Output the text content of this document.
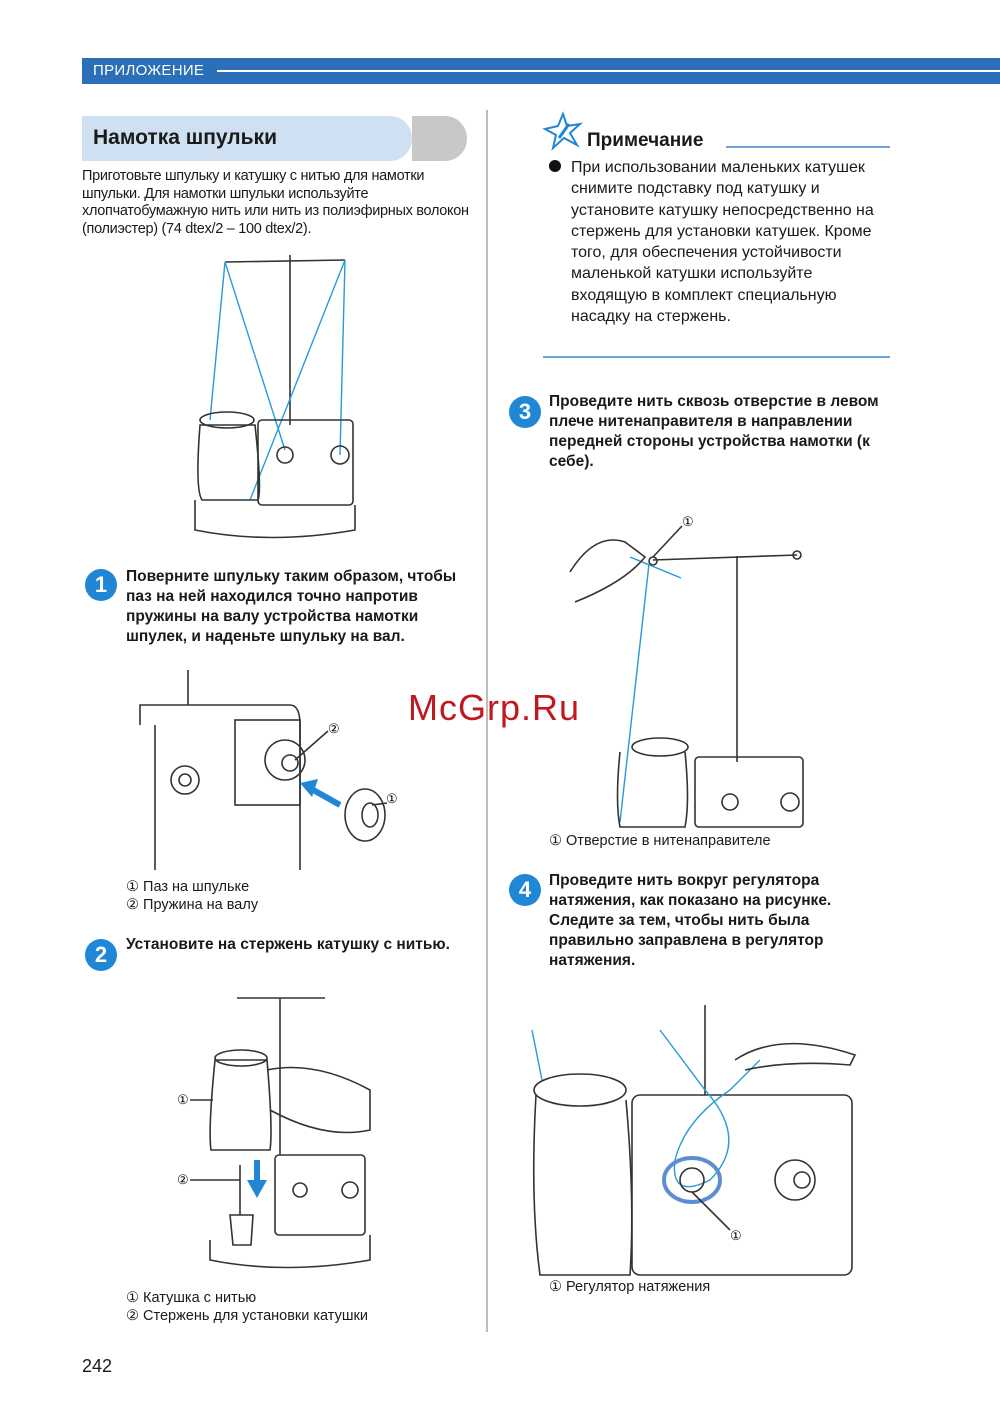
ПРИЛОЖЕНИЕ
Намотка шпульки
Приготовьте шпульку и катушку с нитью для намотки шпульки. Для намотки шпульки используйте хлопчатобумажную нить или нить из полиэфирных волокон (полиэстер) (74 dtex/2 – 100 dtex/2).
1	Поверните шпульку таким образом, чтобы паз на ней находился точно напротив пружины на валу устройства намотки шпулек, и наденьте шпульку на вал.
②
①
① Паз на шпульке
② Пружина на валу
2	Установите на стержень катушку с нитью.
①
②
① Катушка с нитью
② Стержень для установки катушки
Примечание
При использовании маленьких катушек снимите подставку под катушку и установите катушку непосредственно на стержень для установки катушек. Кроме того, для обеспечения устойчивости маленькой катушки используйте входящую в комплект специальную насадку на стержень.
3	Проведите нить сквозь отверстие в левом плече нитенаправителя в направлении передней стороны устройства намотки (к себе).
①
① Отверстие в нитенаправителе
4	Проведите нить вокруг регулятора натяжения, как показано на рисунке. Следите за тем, чтобы нить была правильно заправлена в регулятор натяжения.
①
① Регулятор натяжения
McGrp.Ru
242
